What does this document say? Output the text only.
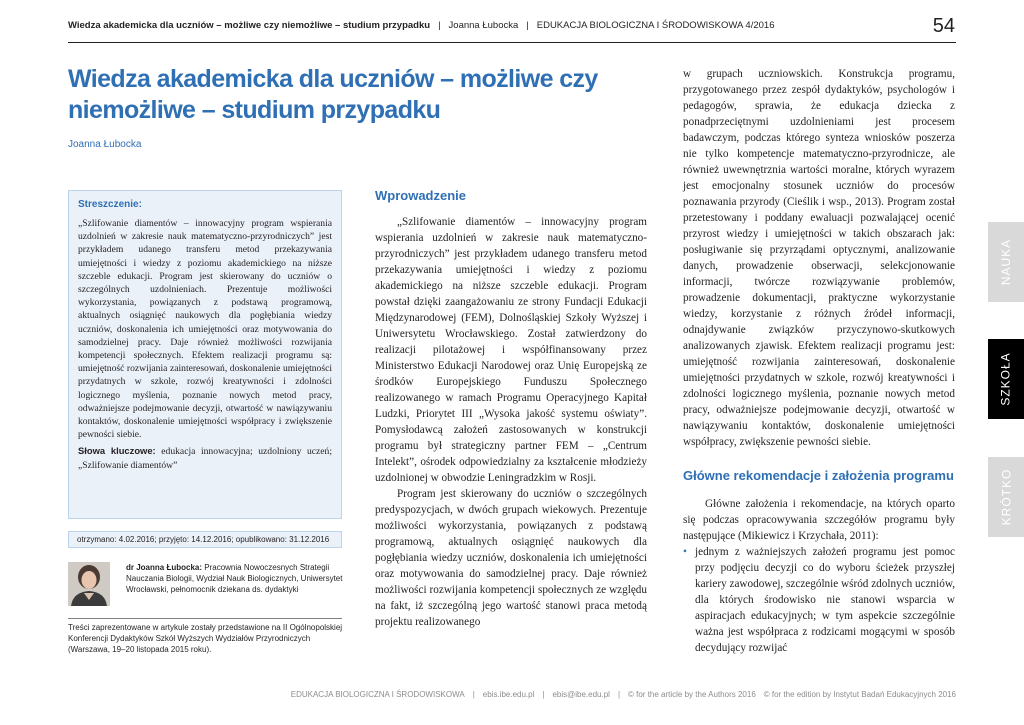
Wiedza akademicka dla uczniów – możliwe czy niemożliwe – studium przypadku | Joanna Łubocka | EDUKACJA BIOLOGICZNA I ŚRODOWISKOWA 4/2016	54
Wiedza akademicka dla uczniów – możliwe czy niemożliwe – studium przypadku
Joanna Łubocka
Streszczenie:

„Szlifowanie diamentów – innowacyjny program wspierania uzdolnień w zakresie nauk matematyczno-przyrodniczych” jest przykładem udanego transferu metod przekazywania umiejętności i wiedzy z poziomu akademickiego na niższe szczeble edukacji. Program jest skierowany do uczniów o szczególnych uzdolnieniach. Prezentuje możliwości wykorzystania, powiązanych z podstawą programową, aktualnych osiągnięć naukowych dla pogłębiania wiedzy uczniów, doskonalenia ich umiejętności oraz motywowania do samodzielnej pracy. Daje również możliwości rozwijania kompetencji społecznych. Efektem realizacji programu są: umiejętność rozwijania zainteresowań, doskonalenie umiejętności przydatnych w szkole, rozwój kreatywności i zdolności logicznego myślenia, poznanie nowych metod pracy, odważniejsze podejmowanie decyzji, otwartość w nawiązywaniu kontaktów, doskonalenie umiejętności współpracy i zwiększenie pewności siebie.

Słowa kluczowe: edukacja innowacyjna; uzdolniony uczeń; „Szlifowanie diamentów”

otrzymano: 4.02.2016; przyjęto: 14.12.2016; opublikowano: 31.12.2016
dr Joanna Łubocka: Pracownia Nowoczesnych Strategii Nauczania Biologii, Wydział Nauk Biologicznych, Uniwersytet Wrocławski, pełnomocnik dziekana ds. dydaktyki
Treści zaprezentowane w artykule zostały przedstawione na II Ogólnopolskiej Konferencji Dydaktyków Szkół Wyższych Wydziałów Przyrodniczych (Warszawa, 19–20 listopada 2015 roku).
Wprowadzenie

„Szlifowanie diamentów – innowacyjny program wspierania uzdolnień w zakresie nauk matematyczno-przyrodniczych” jest przykładem udanego transferu metod przekazywania umiejętności i wiedzy z poziomu akademickiego na niższe szczeble edukacji. Program powstał dzięki zaangażowaniu ze strony Fundacji Edukacji Międzynarodowej (FEM), Dolnośląskiej Szkoły Wyższej i Uniwersytetu Wrocławskiego. Został zatwierdzony do realizacji pilotażowej i współfinansowany przez Ministerstwo Edukacji Narodowej oraz Unię Europejską ze środków Europejskiego Funduszu Społecznego realizowanego w ramach Programu Operacyjnego Kapitał Ludzki, Priorytet III „Wysoka jakość systemu oświaty”. Pomysłodawcą założeń zastosowanych w konstrukcji programu był strategiczny partner FEM – „Centrum Intelekt”, ośrodek odpowiedzialny za kształcenie młodzieży uzdolnionej w obwodzie Leningradzkim w Rosji.

Program jest skierowany do uczniów o szczególnych predyspozycjach, w dwóch grupach wiekowych. Prezentuje możliwości wykorzystania, powiązanych z podstawą programową, aktualnych osiągnięć naukowych dla pogłębiania wiedzy uczniów, doskonalenia ich umiejętności oraz motywowania do samodzielnej pracy. Daje również możliwości rozwijania kompetencji społecznych ze względu na fakt, iż szczególną jego wartość stanowi praca metodą projektu realizowanego

w grupach uczniowskich. Konstrukcja programu, przygotowanego przez zespół dydaktyków, psychologów i pedagogów, sprawia, że edukacja dziecka z ponadprzeciętnymi uzdolnieniami jest procesem badawczym, podczas którego synteza wniosków poszerza nie tylko kompetencje matematyczno-przyrodnicze, ale również uwewnętrznia wartości moralne, których wyrazem jest emocjonalny stosunek uczniów do procesów poznawania przyrody (Cieślik i wsp., 2013). Program został przetestowany i poddany ewaluacji pozwalającej ocenić przyrost wiedzy i umiejętności w takich obszarach jak: posługiwanie się przyrządami optycznymi, analizowanie danych, prowadzenie obserwacji, selekcjonowanie informacji, twórcze rozwiązywanie problemów, prowadzenie dokumentacji, praktyczne wykorzystanie wiedzy, korzystanie z różnych źródeł informacji, odnajdywanie związków przyczynowo-skutkowych analizowanych zjawisk. Efektem realizacji programu jest: umiejętność rozwijania zainteresowań, doskonalenie umiejętności przydatnych w szkole, rozwój kreatywności i zdolności logicznego myślenia, poznanie nowych metod pracy, odważniejsze podejmowanie decyzji, otwartość w nawiązywaniu kontaktów, doskonalenie umiejętności współpracy, zwiększenie pewności siebie.

Główne rekomendacje i założenia programu

Główne założenia i rekomendacje, na których oparto się podczas opracowywania szczegółów programu były następujące (Mikiewicz i Krzychała, 2011):

• jednym z ważniejszych założeń programu jest pomoc przy podjęciu decyzji co do wyboru ścieżek przyszłej kariery zawodowej, szczególnie wśród zdolnych uczniów, dla których środowisko nie stanowi wsparcia w aspiracjach edukacyjnych; w tym aspekcie szczególnie ważna jest współpraca z rodzicami mogącymi w sposób decydujący rozwijać
NAUKA
SZKOŁA
KRÓTKO
EDUKACJA BIOLOGICZNA I ŚRODOWISKOWA | ebis.ibe.edu.pl | ebis@ibe.edu.pl | © for the article by the Authors 2016 © for the edition by Instytut Badań Edukacyjnych 2016
